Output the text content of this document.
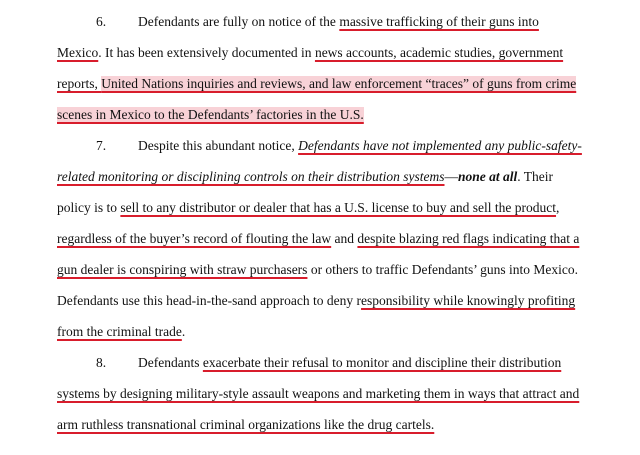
6. Defendants are fully on notice of the massive trafficking of their guns into
Mexico. It has been extensively documented in news accounts, academic studies, government
reports, United Nations inquiries and reviews, and law enforcement “traces” of guns from crime
scenes in Mexico to the Defendants’ factories in the U.S.
7. Despite this abundant notice, Defendants have not implemented any public-safety-
related monitoring or disciplining controls on their distribution systems—none at all. Their
policy is to sell to any distributor or dealer that has a U.S. license to buy and sell the product,
regardless of the buyer’s record of flouting the law and despite blazing red flags indicating that a
gun dealer is conspiring with straw purchasers or others to traffic Defendants’ guns into Mexico.
Defendants use this head-in-the-sand approach to deny responsibility while knowingly profiting
from the criminal trade.
8. Defendants exacerbate their refusal to monitor and discipline their distribution
systems by designing military-style assault weapons and marketing them in ways that attract and
arm ruthless transnational criminal organizations like the drug cartels.
